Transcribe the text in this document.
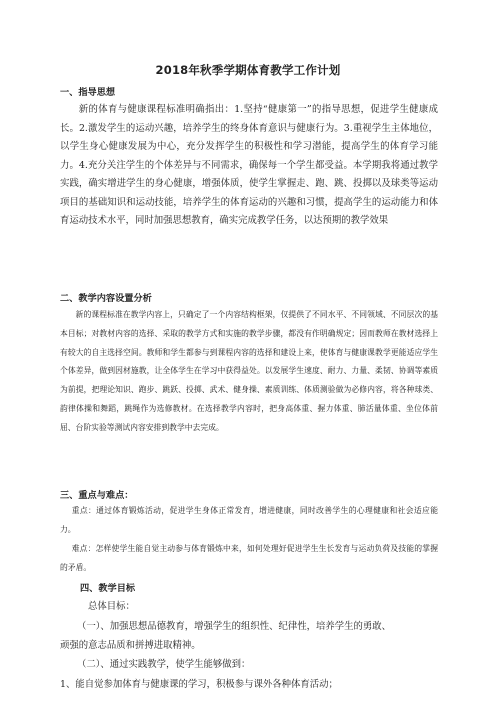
2018年秋季学期体育教学工作计划
一、指导思想
新的体育与健康课程标准明确指出：1.坚持“健康第一”的指导思想，促进学生健康成长。2.激发学生的运动兴趣，培养学生的终身体育意识与健康行为。3.重视学生主体地位，以学生身心健康发展为中心，充分发挥学生的积极性和学习潜能，提高学生的体育学习能力。4.充分关注学生的个体差异与不同需求，确保每一个学生都受益。本学期我将通过教学实践，确实增进学生的身心健康，增强体质，使学生掌握走、跑、跳、投掷以及球类等运动项目的基础知识和运动技能，培养学生的体育运动的兴趣和习惯，提高学生的运动能力和体育运动技术水平，同时加强思想教育，确实完成教学任务，以达预期的教学效果
二、教学内容设置分析
新的课程标准在教学内容上，只确定了一个内容结构框架，仅提供了不同水平、不同领域、不同层次的基本目标；对教材内容的选择、采取的教学方式和实施的教学步骤，都没有作明确规定；因而教师在教材选择上有较大的自主选择空间。教师和学生都参与到课程内容的选择和建设上来，使体育与健康课教学更能适应学生个体差异，做到因材施教，让全体学生在学习中获得益处。以发展学生速度、耐力、力量、柔韧、协调等素质为前提，把理论知识、跑步、跳跃、投掷、武术、健身操、素质训练、体质测验做为必修内容，将各种球类、韵律体操和舞蹈，跳绳作为选修教材。在选择教学内容时，把身高体重、握力体重、肺活量体重、坐位体前屈、台阶实验等测试内容安排到教学中去完成。
三、重点与难点：
重点：通过体育锻炼活动，促进学生身体正常发育，增进健康，同时改善学生的心理健康和社会适应能力。
难点：怎样使学生能自觉主动参与体育锻炼中来，如何处理好促进学生生长发育与运动负荷及技能的掌握的矛盾。
四、教学目标
总体目标：
（一）、加强思想品德教育，增强学生的组织性、纪律性，培养学生的勇敢、
顽强的意志品质和拼搏进取精神。
（二）、通过实践教学，使学生能够做到：
1、能自觉参加体育与健康课的学习，积极参与课外各种体育活动；
